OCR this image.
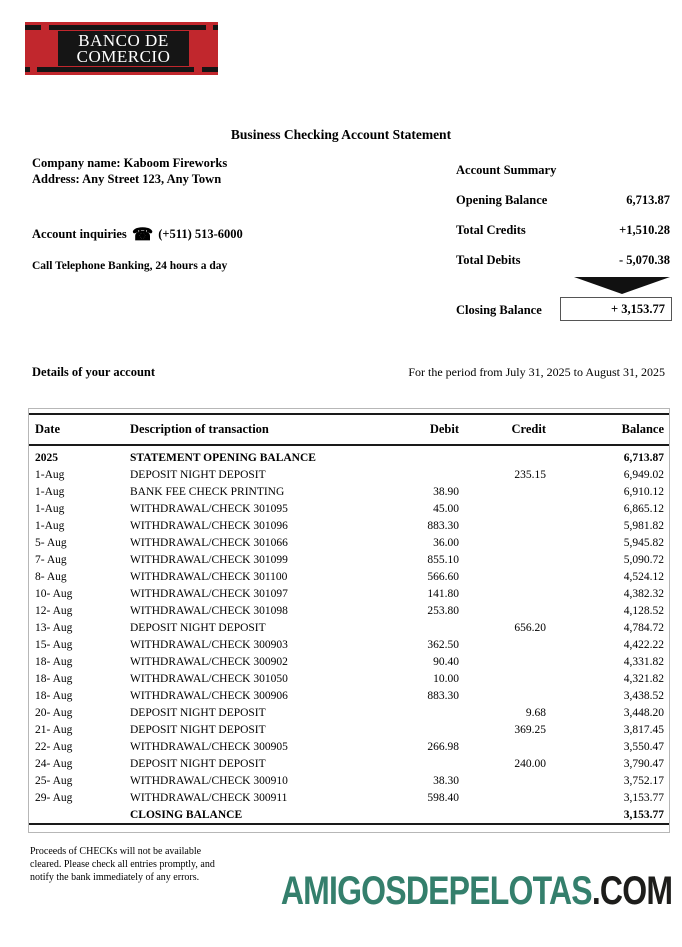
BANCO DE
COMERCIO
Business Checking Account Statement
Company name: Kaboom Fireworks
Address: Any Street 123, Any Town
Account inquiries ☎ (+511) 513-6000
Call Telephone Banking, 24 hours a day
Account Summary
Opening Balance	6,713.87
Total Credits	+1,510.28
Total Debits	- 5,070.38
Closing Balance	+ 3,153.77
Details of your account	For the period from July 31, 2025 to August 31, 2025
Date	Description of transaction	Debit	Credit	Balance
2025	STATEMENT OPENING BALANCE			6,713.87
1-Aug	DEPOSIT NIGHT DEPOSIT		235.15	6,949.02
1-Aug	BANK FEE CHECK PRINTING	38.90		6,910.12
1-Aug	WITHDRAWAL/CHECK 301095	45.00		6,865.12
1-Aug	WITHDRAWAL/CHECK 301096	883.30		5,981.82
5- Aug	WITHDRAWAL/CHECK 301066	36.00		5,945.82
7- Aug	WITHDRAWAL/CHECK 301099	855.10		5,090.72
8- Aug	WITHDRAWAL/CHECK 301100	566.60		4,524.12
10- Aug	WITHDRAWAL/CHECK 301097	141.80		4,382.32
12- Aug	WITHDRAWAL/CHECK 301098	253.80		4,128.52
13- Aug	DEPOSIT NIGHT DEPOSIT		656.20	4,784.72
15- Aug	WITHDRAWAL/CHECK 300903	362.50		4,422.22
18- Aug	WITHDRAWAL/CHECK 300902	90.40		4,331.82
18- Aug	WITHDRAWAL/CHECK 301050	10.00		4,321.82
18- Aug	WITHDRAWAL/CHECK 300906	883.30		3,438.52
20- Aug	DEPOSIT NIGHT DEPOSIT		9.68	3,448.20
21- Aug	DEPOSIT NIGHT DEPOSIT		369.25	3,817.45
22- Aug	WITHDRAWAL/CHECK 300905	266.98		3,550.47
24- Aug	DEPOSIT NIGHT DEPOSIT		240.00	3,790.47
25- Aug	WITHDRAWAL/CHECK 300910	38.30		3,752.17
29- Aug	WITHDRAWAL/CHECK 300911	598.40		3,153.77
	CLOSING BALANCE			3,153.77
Proceeds of CHECKs will not be available
cleared. Please check all entries promptly, and
notify the bank immediately of any errors.	AMIGOSDEPELOTAS.COM
